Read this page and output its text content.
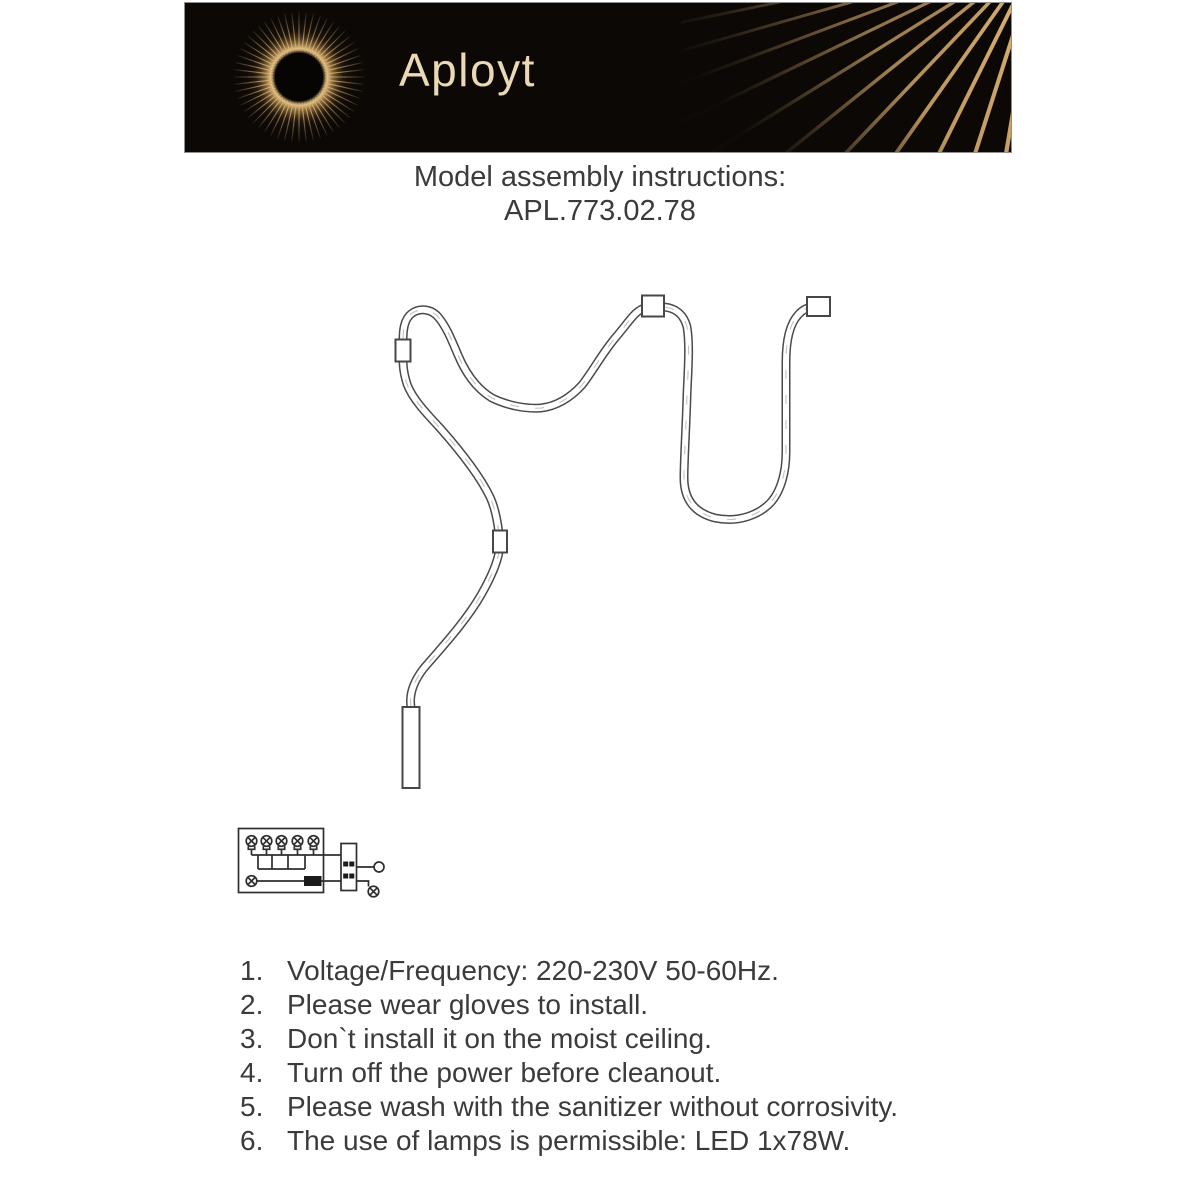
Aployt
Model assembly instructions:
APL.773.02.78
1. Voltage/Frequency: 220-230V 50-60Hz.
2. Please wear gloves to install.
3. Don`t install it on the moist ceiling.
4. Turn off the power before cleanout.
5. Please wash with the sanitizer without corrosivity.
6. The use of lamps is permissible: LED 1x78W.
